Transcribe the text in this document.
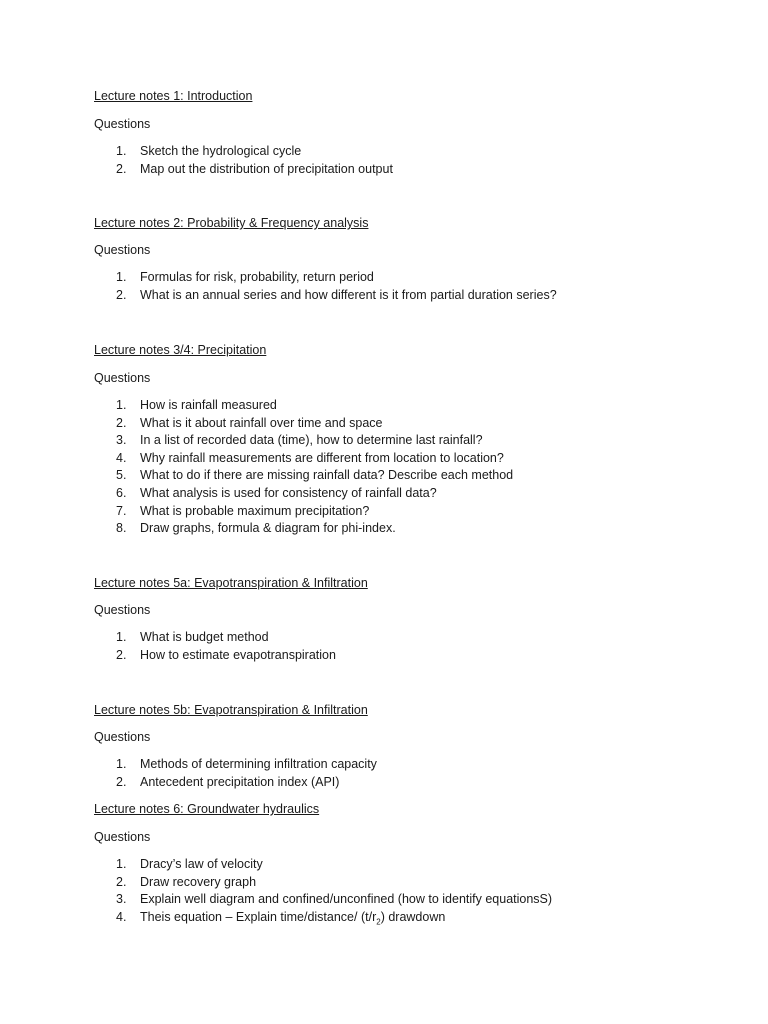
Lecture notes 1: Introduction
Questions
1.	Sketch the hydrological cycle
2.	Map out the distribution of precipitation output
Lecture notes 2: Probability & Frequency analysis
Questions
1.	Formulas for risk, probability, return period
2.	What is an annual series and how different is it from partial duration series?
Lecture notes 3/4: Precipitation
Questions
1.	How is rainfall measured
2.	What is it about rainfall over time and space
3.	In a list of recorded data (time), how to determine last rainfall?
4.	Why rainfall measurements are different from location to location?
5.	What to do if there are missing rainfall data? Describe each method
6.	What analysis is used for consistency of rainfall data?
7.	What is probable maximum precipitation?
8.	Draw graphs, formula & diagram for phi-index.
Lecture notes 5a: Evapotranspiration & Infiltration
Questions
1.	What is budget method
2.	How to estimate evapotranspiration
Lecture notes 5b: Evapotranspiration & Infiltration
Questions
1.	Methods of determining infiltration capacity
2.	Antecedent precipitation index (API)
Lecture notes 6: Groundwater hydraulics
Questions
1.	Dracy’s law of velocity
2.	Draw recovery graph
3.	Explain well diagram and confined/unconfined (how to identify equationsS)
4.	Theis equation – Explain time/distance/ $(t/r_2)$ drawdown
